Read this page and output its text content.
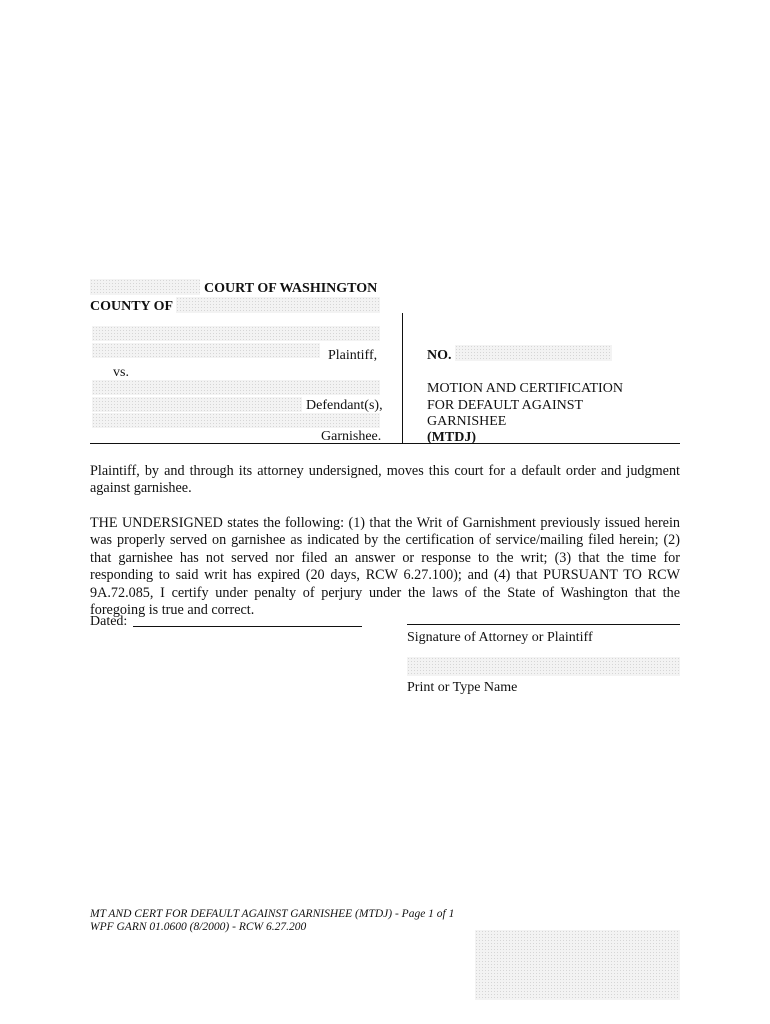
COURT OF WASHINGTON
COUNTY OF
Plaintiff,
vs.
Defendant(s),
Garnishee.
NO.
MOTION AND CERTIFICATION
FOR DEFAULT AGAINST
GARNISHEE
(MTDJ)
Plaintiff, by and through its attorney undersigned, moves this court for a default order and judgment against garnishee.
THE UNDERSIGNED states the following: (1) that the Writ of Garnishment previously issued herein was properly served on garnishee as indicated by the certification of service/mailing filed herein; (2) that garnishee has not served nor filed an answer or response to the writ; (3) that the time for responding to said writ has expired (20 days, RCW 6.27.100); and (4) that PURSUANT TO RCW 9A.72.085, I certify under penalty of perjury under the laws of the State of Washington that the foregoing is true and correct.
Dated:
Signature of Attorney or Plaintiff
Print or Type Name
MT AND CERT FOR DEFAULT AGAINST GARNISHEE (MTDJ) - Page 1 of 1
WPF GARN 01.0600 (8/2000) - RCW 6.27.200
